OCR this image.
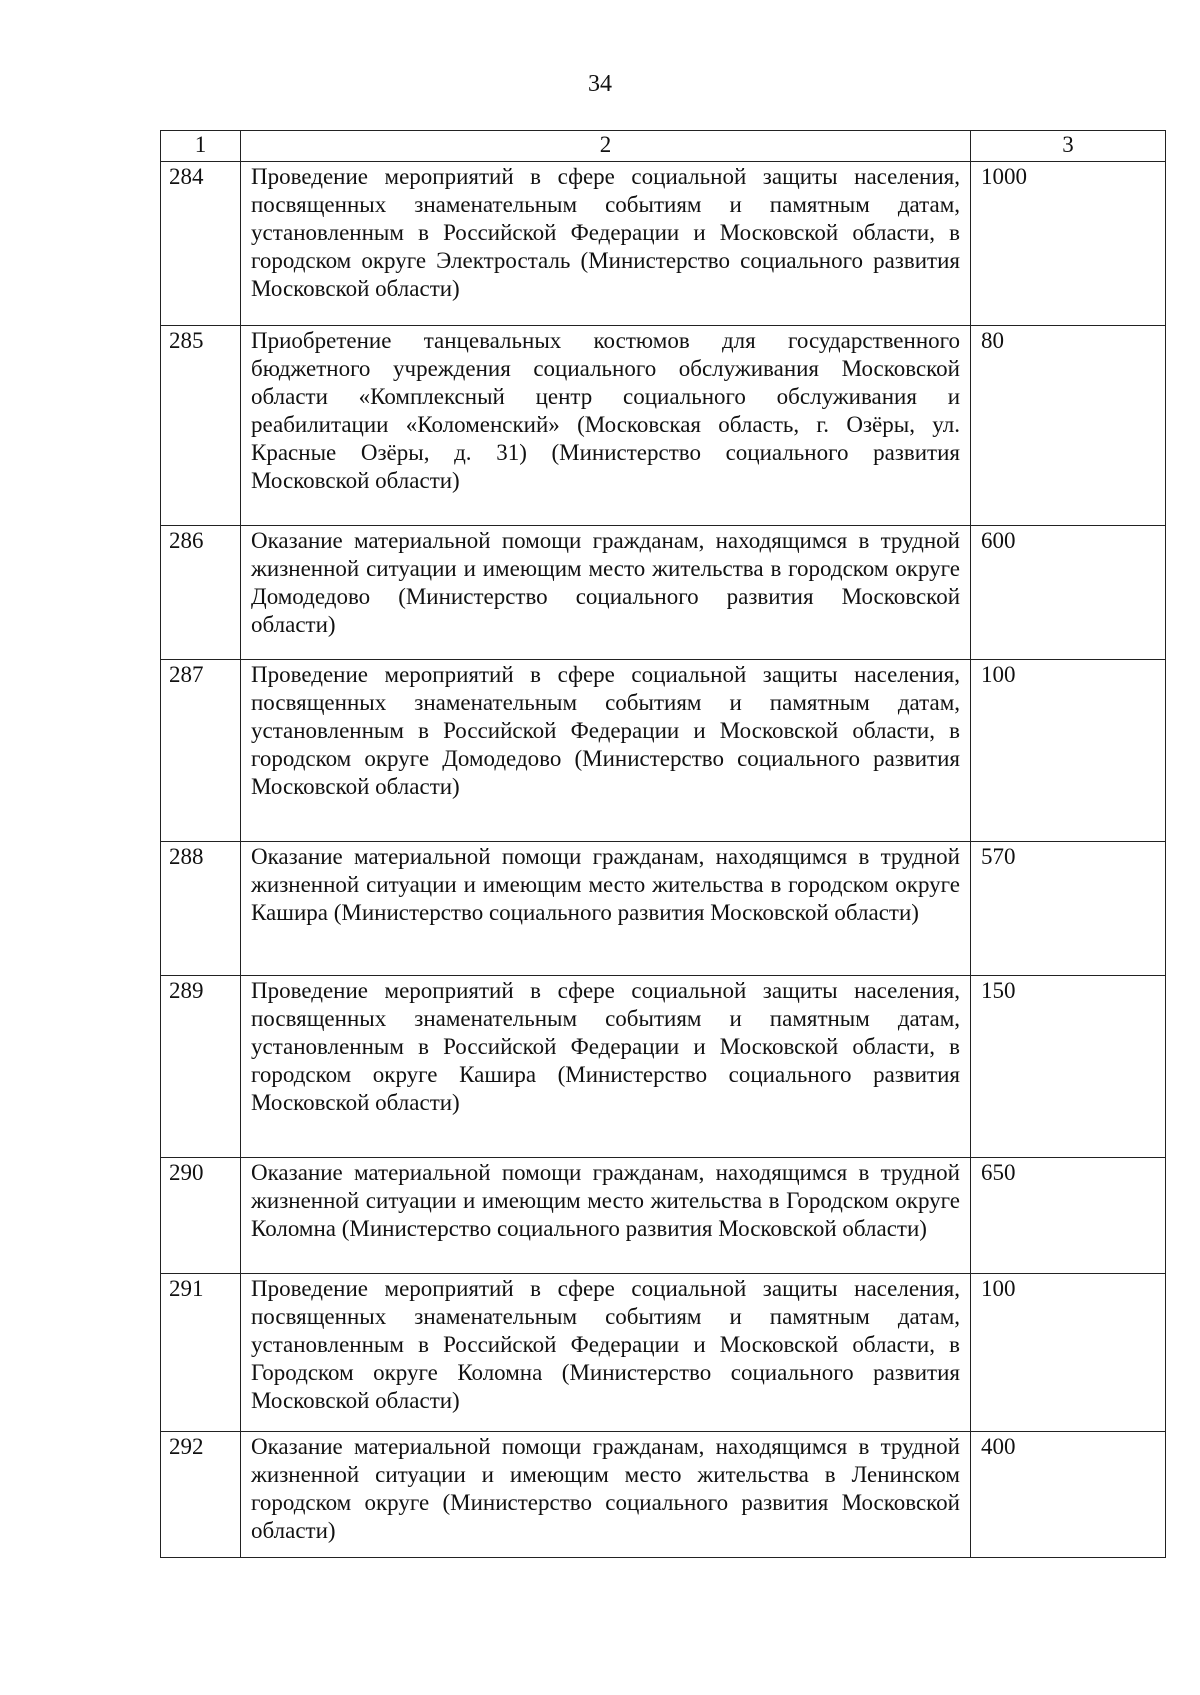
34
1	2	3
284	Проведение мероприятий в сфере социальной защиты населения, посвященных знаменательным событиям и памятным датам, установленным в Российской Федерации и Московской области, в городском округе Электросталь (Министерство социального развития Московской области)	1000
285	Приобретение танцевальных костюмов для государственного бюджетного учреждения социального обслуживания Московской области «Комплексный центр социального обслуживания и реабилитации «Коломенский» (Московская область, г. Озёры, ул. Красные Озёры, д. 31) (Министерство социального развития Московской области)	80
286	Оказание материальной помощи гражданам, находящимся в трудной жизненной ситуации и имеющим место жительства в городском округе Домодедово (Министерство социального развития Московской области)	600
287	Проведение мероприятий в сфере социальной защиты населения, посвященных знаменательным событиям и памятным датам, установленным в Российской Федерации и Московской области, в городском округе Домодедово (Министерство социального развития Московской области)	100
288	Оказание материальной помощи гражданам, находящимся в трудной жизненной ситуации и имеющим место жительства в городском округе Кашира (Министерство социального развития Московской области)	570
289	Проведение мероприятий в сфере социальной защиты населения, посвященных знаменательным событиям и памятным датам, установленным в Российской Федерации и Московской области, в городском округе Кашира (Министерство социального развития Московской области)	150
290	Оказание материальной помощи гражданам, находящимся в трудной жизненной ситуации и имеющим место жительства в Городском округе Коломна (Министерство социального развития Московской области)	650
291	Проведение мероприятий в сфере социальной защиты населения, посвященных знаменательным событиям и памятным датам, установленным в Российской Федерации и Московской области, в Городском округе Коломна (Министерство социального развития Московской области)	100
292	Оказание материальной помощи гражданам, находящимся в трудной жизненной ситуации и имеющим место жительства в Ленинском городском округе (Министерство социального развития Московской области)	400
